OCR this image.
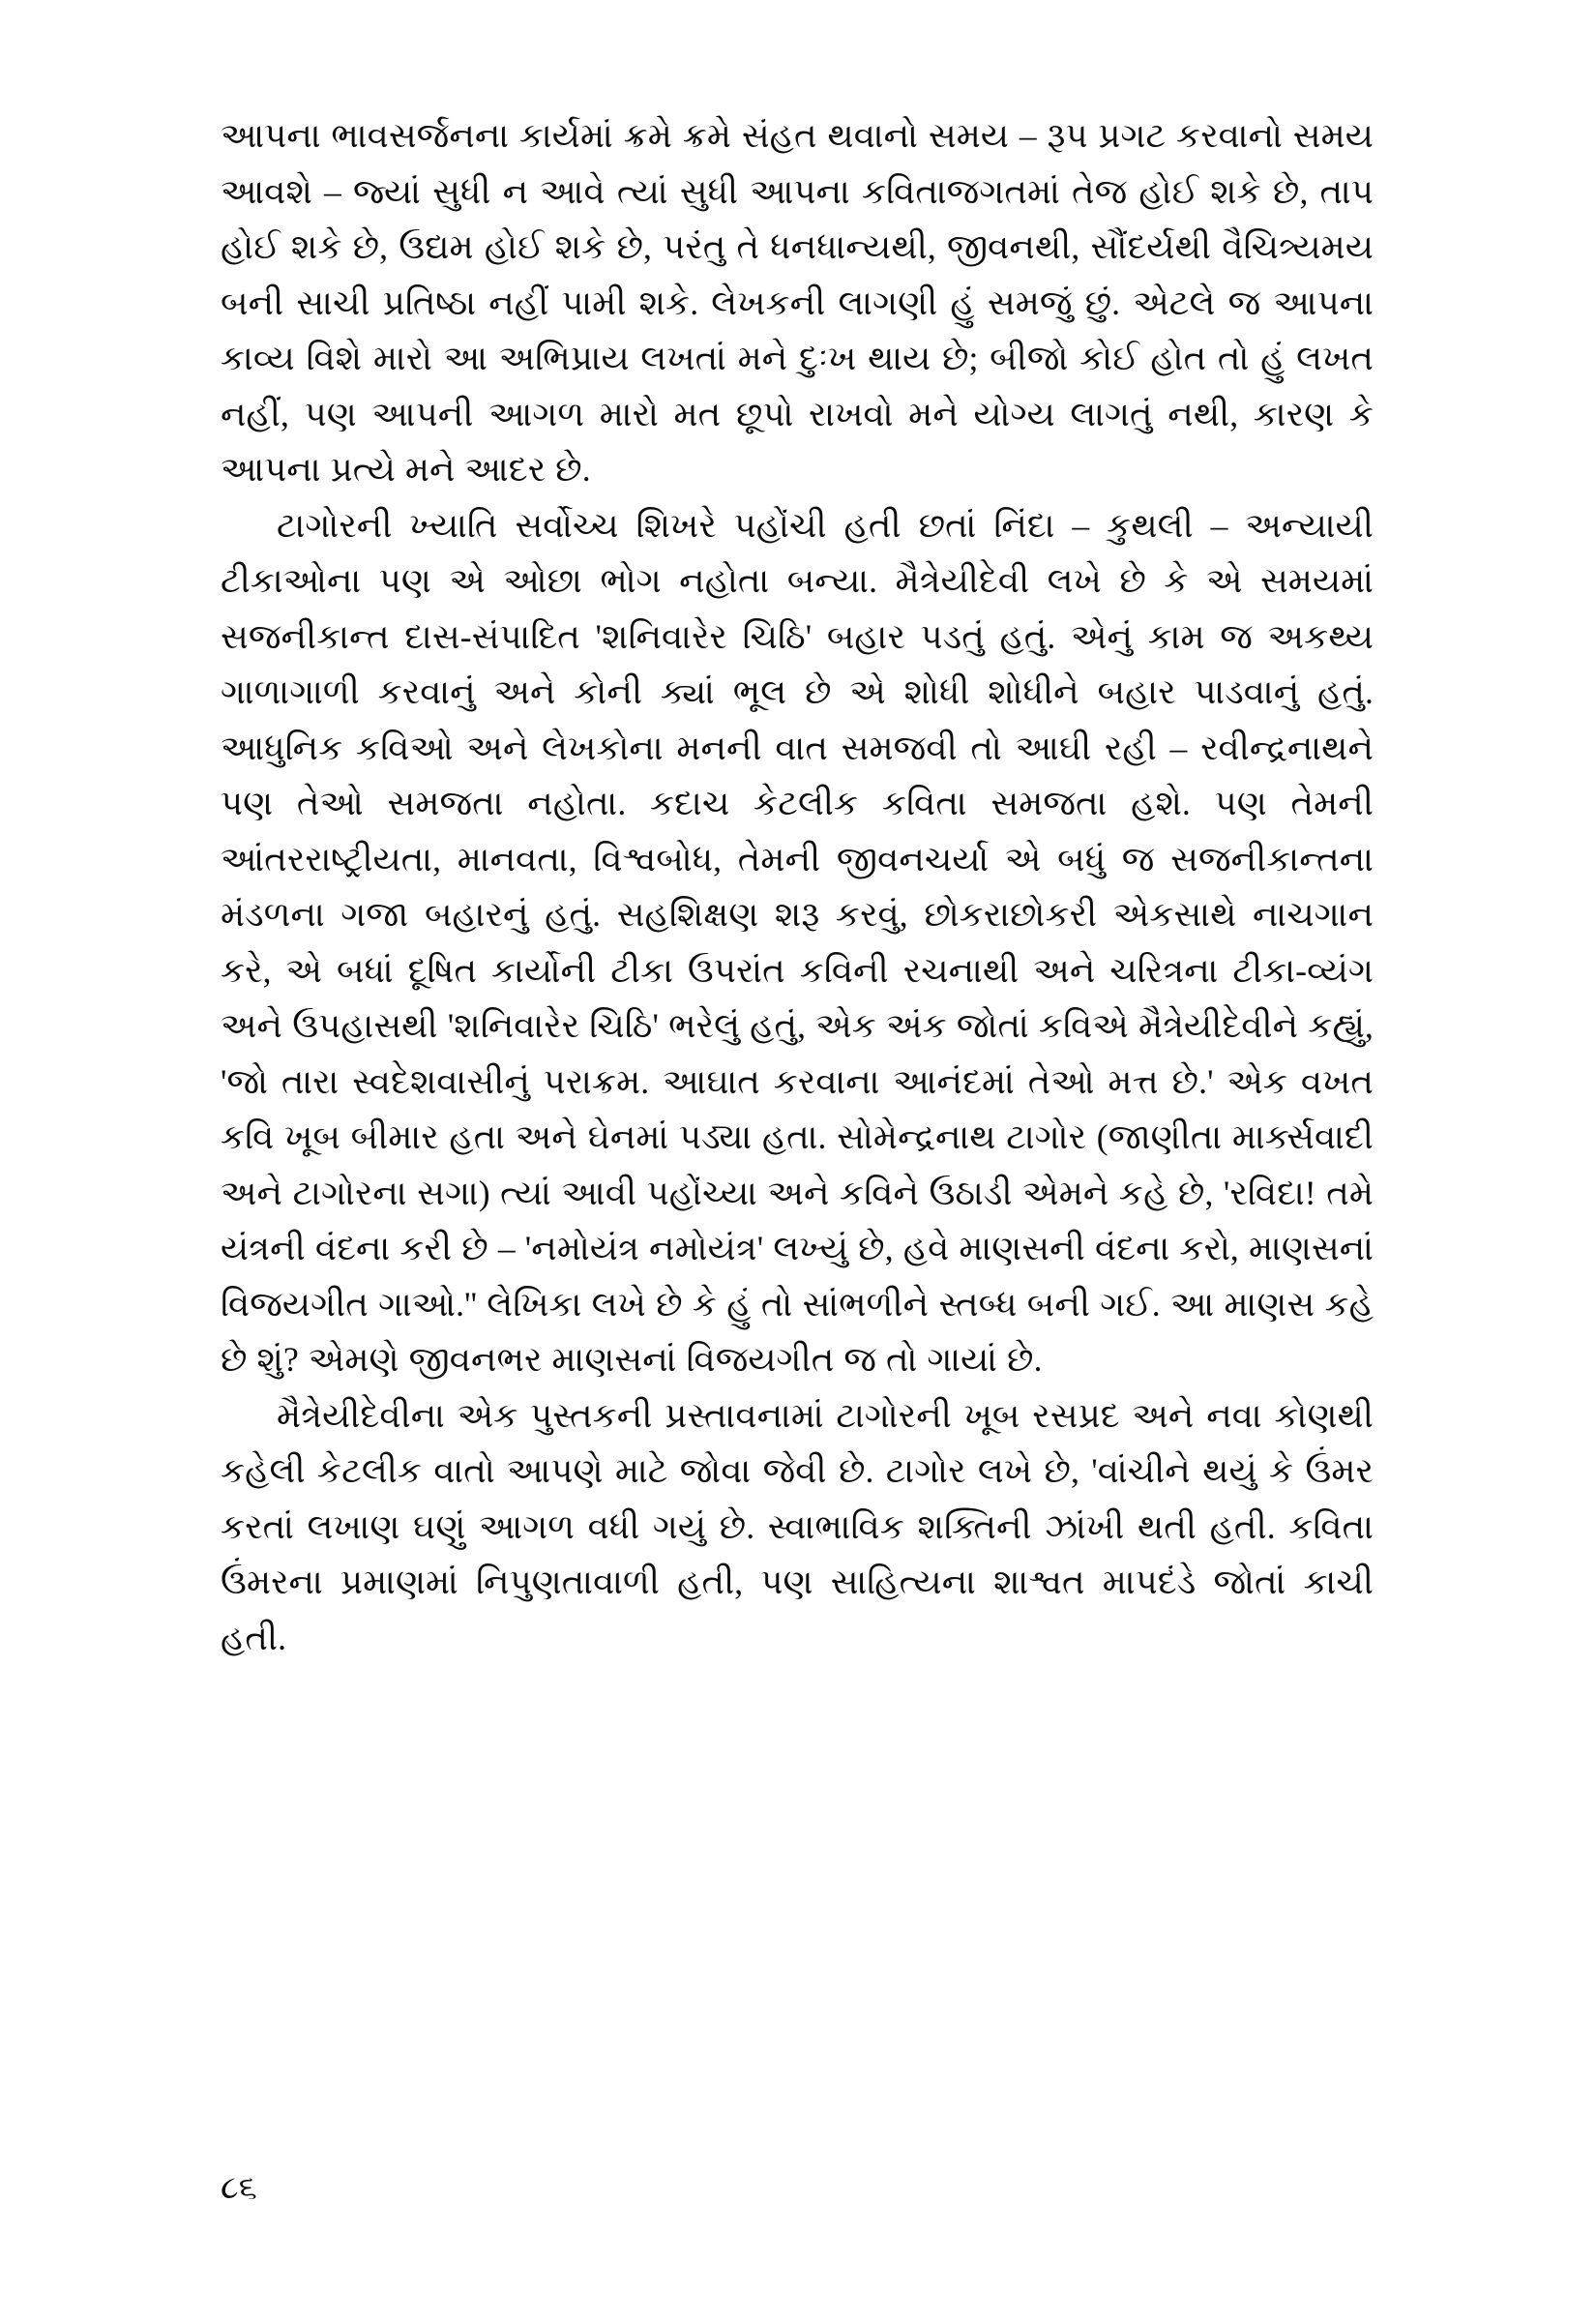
આપના ભાવસર્જનના કાર્યમાં ક્રમે ક્રમે સંહત થવાનો સમય – રૂપ પ્રગટ કરવાનો સમય આવશે – જ્યાં સુધી ન આવે ત્યાં સુધી આપના કવિતાજગતમાં તેજ હોઈ શકે છે, તાપ હોઈ શકે છે, ઉદ્યમ હોઈ શકે છે, પરંતુ તે ધનધાન્યથી, જીવનથી, સૌંદર્યથી વૈચિત્ર્યમય બની સાચી પ્રતિષ્ઠા નહીં પામી શકે. લેખકની લાગણી હું સમજું છું. એટલે જ આપના કાવ્ય વિશે મારો આ અભિપ્રાય લખતાં મને દુઃખ થાય છે; બીજો કોઈ હોત તો હું લખત નહીં, પણ આપની આગળ મારો મત છૂપો રાખવો મને યોગ્ય લાગતું નથી, કારણ કે આપના પ્રત્યે મને આદર છે.

ટાગોરની ખ્યાતિ સર્વોચ્ચ શિખરે પહોંચી હતી છતાં નિંદા – કુથલી – અન્યાયી ટીકાઓના પણ એ ઓછા ભોગ નહોતા બન્યા. મૈત્રેયીદેવી લખે છે કે એ સમયમાં સજનીકાન્ત દાસ-સંપાદિત 'શનિવારેર ચિઠિ' બહાર પડતું હતું. એનું કામ જ અકથ્ય ગાળાગાળી કરવાનું અને કોની ક્યાં ભૂલ છે એ શોધી શોધીને બહાર પાડવાનું હતું. આધુનિક કવિઓ અને લેખકોના મનની વાત સમજવી તો આઘી રહી – રવીન્દ્રનાથને પણ તેઓ સમજતા નહોતા. કદાચ કેટલીક કવિતા સમજતા હશે. પણ તેમની આંતરરાષ્ટ્રીયતા, માનવતા, વિશ્વબોધ, તેમની જીવનચર્યા એ બધું જ સજનીકાન્તના મંડળના ગજા બહારનું હતું. સહશિક્ષણ શરૂ કરવું, છોકરાછોકરી એકસાથે નાચગાન કરે, એ બધાં દૂષિત કાર્યોની ટીકા ઉપરાંત કવિની રચનાથી અને ચરિત્રના ટીકા-વ્યંગ અને ઉપહાસથી 'શનિવારેર ચિઠિ' ભરેલું હતું, એક અંક જોતાં કવિએ મૈત્રેયીદેવીને કહ્યું, 'જો તારા સ્વદેશવાસીનું પરાક્રમ. આઘાત કરવાના આનંદમાં તેઓ મત્ત છે.' એક વખત કવિ ખૂબ બીમાર હતા અને ઘેનમાં પડ્યા હતા. સોમેન્દ્રનાથ ટાગોર (જાણીતા માર્ક્સવાદી અને ટાગોરના સગા) ત્યાં આવી પહોંચ્યા અને કવિને ઉઠાડી એમને કહે છે, 'રવિદા! તમે યંત્રની વંદના કરી છે – 'નમોયંત્ર નમોયંત્ર' લખ્યું છે, હવે માણસની વંદના કરો, માણસનાં વિજયગીત ગાઓ.'' લેખિકા લખે છે કે હું તો સાંભળીને સ્તબ્ધ બની ગઈ. આ માણસ કહે છે શું? એમણે જીવનભર માણસનાં વિજયગીત જ તો ગાયાં છે.

મૈત્રેયીદેવીના એક પુસ્તકની પ્રસ્તાવનામાં ટાગોરની ખૂબ રસપ્રદ અને નવા કોણથી કહેલી કેટલીક વાતો આપણે માટે જોવા જેવી છે. ટાગોર લખે છે, 'વાંચીને થયું કે ઉંમર કરતાં લખાણ ઘણું આગળ વધી ગયું છે. સ્વાભાવિક શક્તિની ઝાંખી થતી હતી. કવિતા ઉંમરના પ્રમાણમાં નિપુણતાવાળી હતી, પણ સાહિત્યના શાશ્વત માપદંડે જોતાં કાચી હતી.

૮૬
